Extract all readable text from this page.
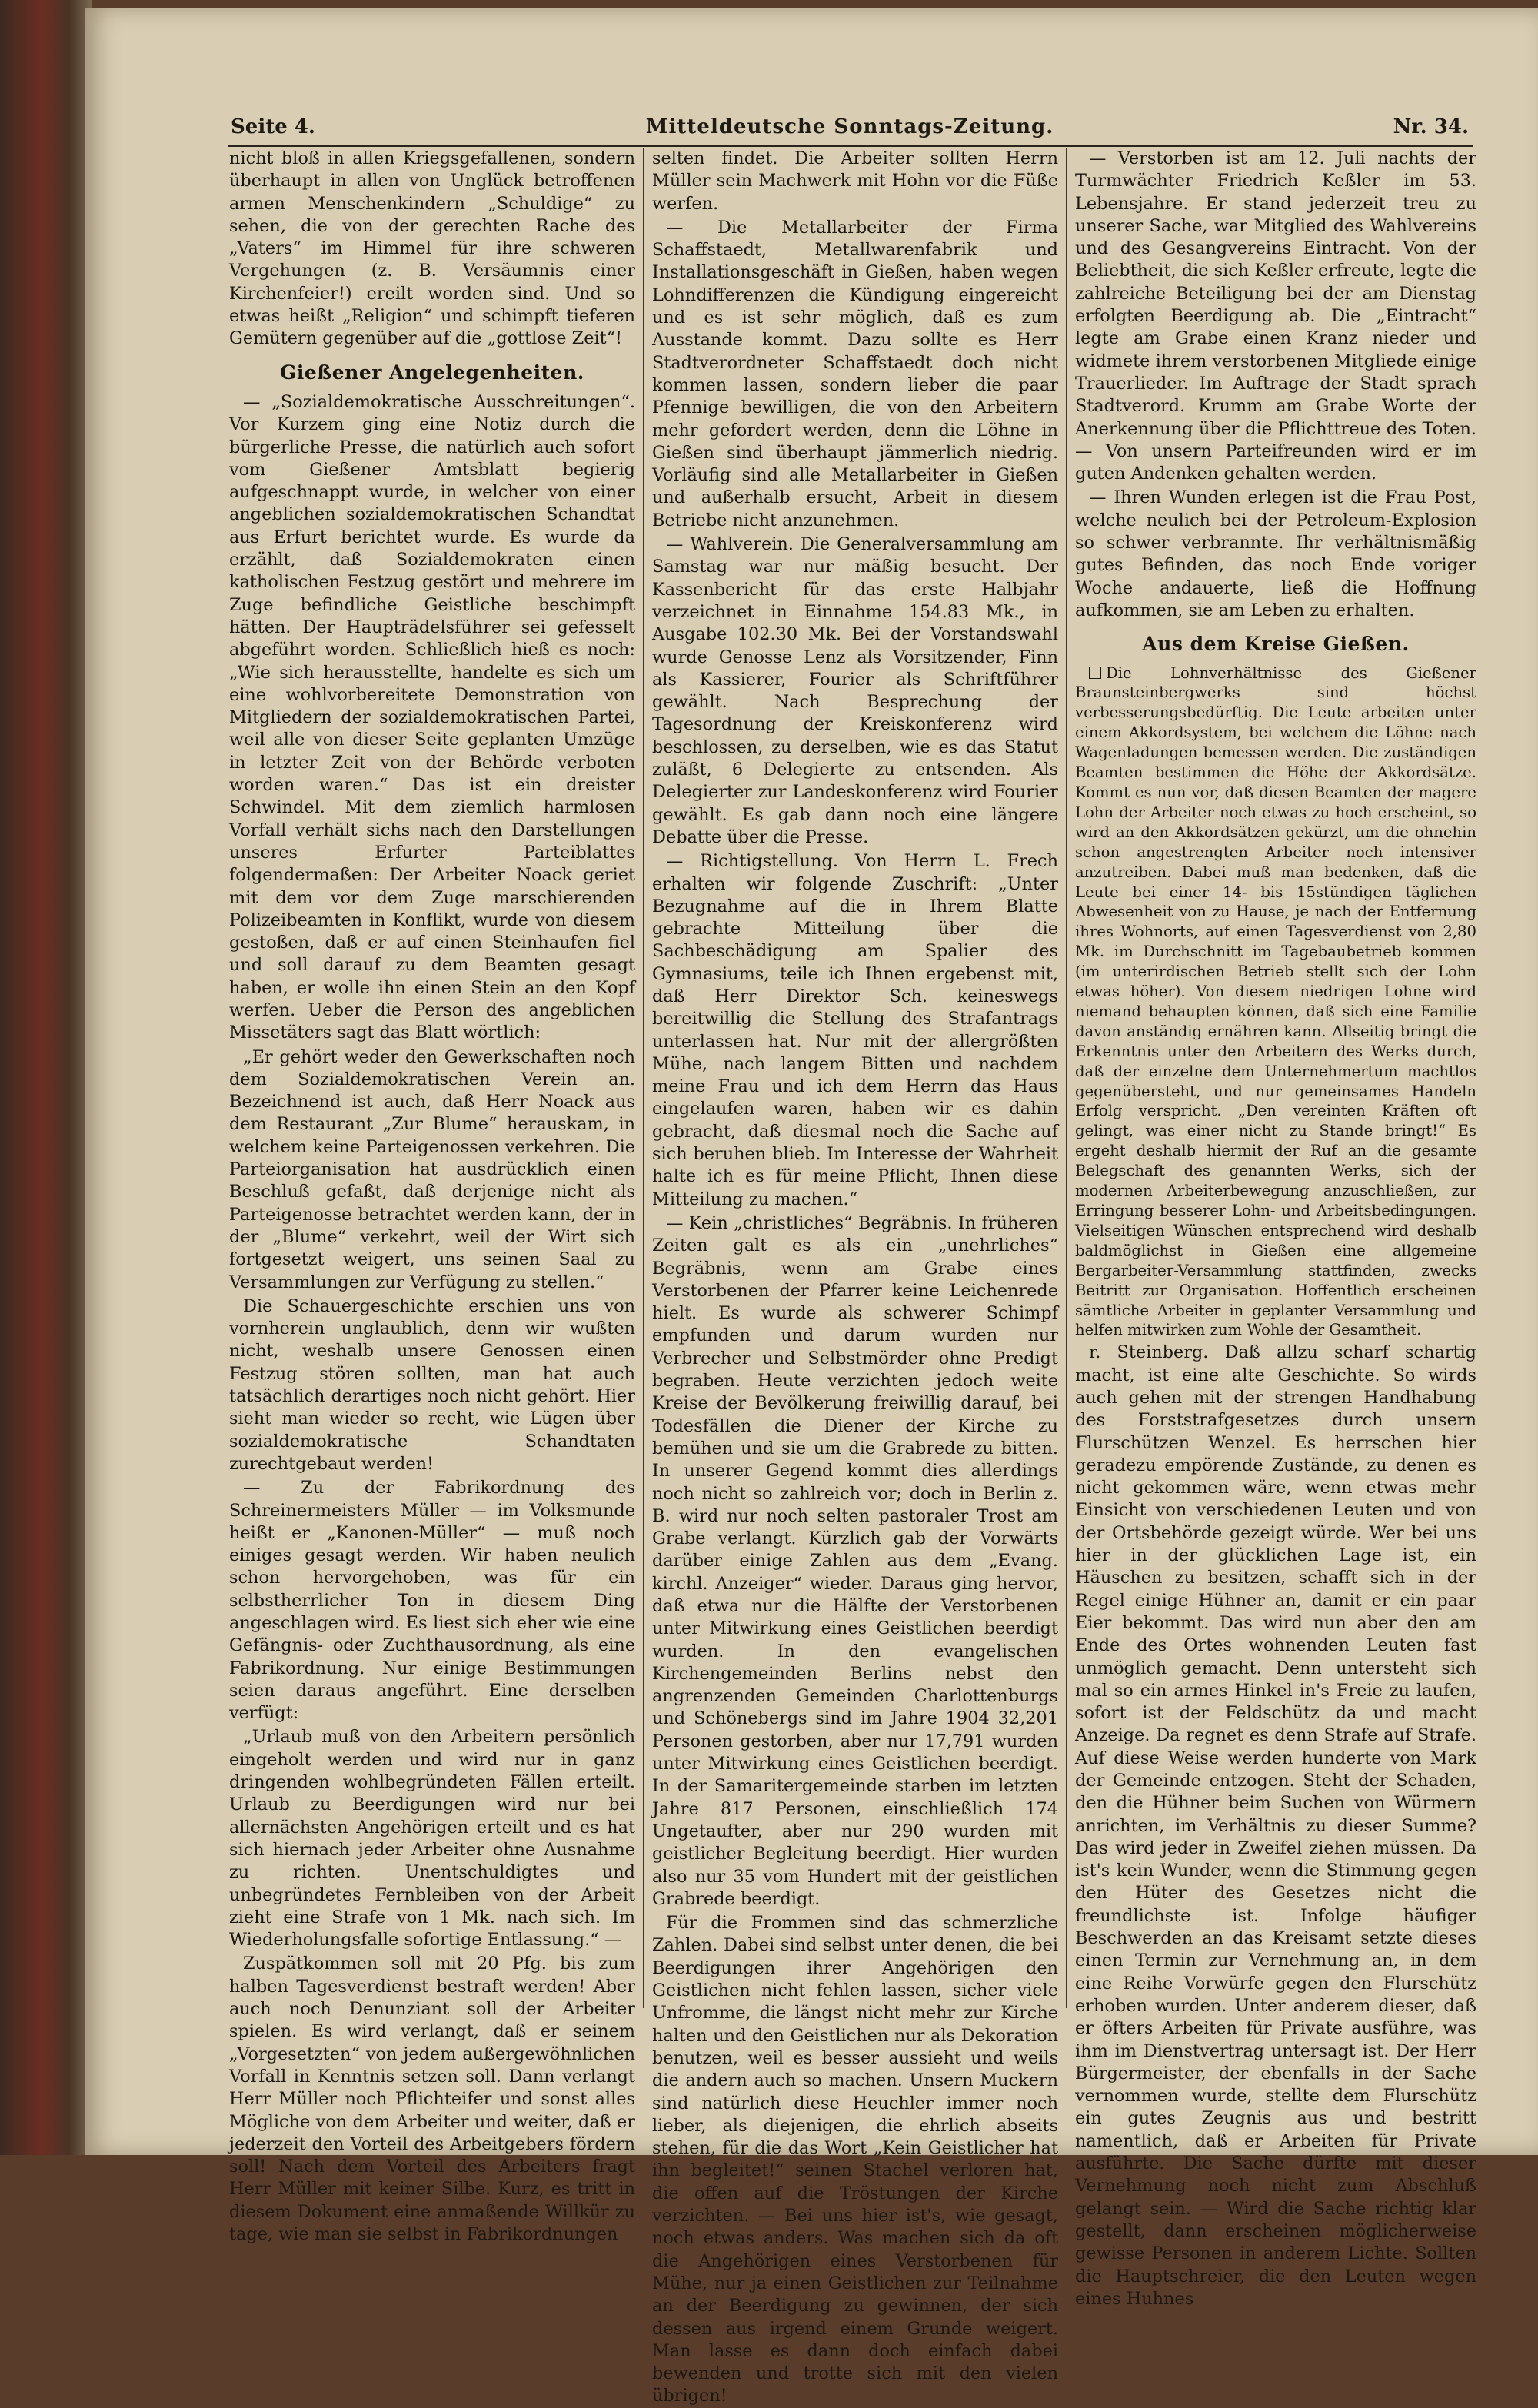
Seite 4.	Mitteldeutsche Sonntags-Zeitung.	Nr. 34.

nicht bloß in allen Kriegsgefallenen, sondern überhaupt in allen von Unglück betroffenen armen Menschenkindern „Schuldige“ zu sehen, die von der gerechten Rache des „Vaters“ im Himmel für ihre schweren Vergehungen (z. B. Versäumnis einer Kirchenfeier!) ereilt worden sind. Und so etwas heißt „Religion“ und schimpft tieferen Gemütern gegenüber auf die „gottlose Zeit“!

Gießener Angelegenheiten.

— „Sozialdemokratische Ausschreitungen“. Vor Kurzem ging eine Notiz durch die bürgerliche Presse, die natürlich auch sofort vom Gießener Amtsblatt begierig aufgeschnappt wurde, in welcher von einer angeblichen sozialdemokratischen Schandtat aus Erfurt berichtet wurde. Es wurde da erzählt, daß Sozialdemokraten einen katholischen Festzug gestört und mehrere im Zuge befindliche Geistliche beschimpft hätten. Der Haupträdelsführer sei gefesselt abgeführt worden. Schließlich hieß es noch: „Wie sich herausstellte, handelte es sich um eine wohlvorbereitete Demonstration von Mitgliedern der sozialdemokratischen Partei, weil alle von dieser Seite geplanten Umzüge in letzter Zeit von der Behörde verboten worden waren.“ Das ist ein dreister Schwindel. Mit dem ziemlich harmlosen Vorfall verhält sichs nach den Darstellungen unseres Erfurter Parteiblattes folgendermaßen: Der Arbeiter Noack geriet mit dem vor dem Zuge marschierenden Polizeibeamten in Konflikt, wurde von diesem gestoßen, daß er auf einen Steinhaufen fiel und soll darauf zu dem Beamten gesagt haben, er wolle ihn einen Stein an den Kopf werfen. Ueber die Person des angeblichen Missetäters sagt das Blatt wörtlich:

„Er gehört weder den Gewerkschaften noch dem Sozialdemokratischen Verein an. Bezeichnend ist auch, daß Herr Noack aus dem Restaurant „Zur Blume“ herauskam, in welchem keine Parteigenossen verkehren. Die Parteiorganisation hat ausdrücklich einen Beschluß gefaßt, daß derjenige nicht als Parteigenosse betrachtet werden kann, der in der „Blume“ verkehrt, weil der Wirt sich fortgesetzt weigert, uns seinen Saal zu Versammlungen zur Verfügung zu stellen.“

Die Schauergeschichte erschien uns von vornherein unglaublich, denn wir wußten nicht, weshalb unsere Genossen einen Festzug stören sollten, man hat auch tatsächlich derartiges noch nicht gehört. Hier sieht man wieder so recht, wie Lügen über sozialdemokratische Schandtaten zurechtgebaut werden!

— Zu der Fabrikordnung des Schreinermeisters Müller — im Volksmunde heißt er „Kanonen-Müller“ — muß noch einiges gesagt werden. Wir haben neulich schon hervorgehoben, was für ein selbstherrlicher Ton in diesem Ding angeschlagen wird. Es liest sich eher wie eine Gefängnis- oder Zuchthausordnung, als eine Fabrikordnung. Nur einige Bestimmungen seien daraus angeführt. Eine derselben verfügt:

„Urlaub muß von den Arbeitern persönlich eingeholt werden und wird nur in ganz dringenden wohlbegründeten Fällen erteilt. Urlaub zu Beerdigungen wird nur bei allernächsten Angehörigen erteilt und es hat sich hiernach jeder Arbeiter ohne Ausnahme zu richten. Unentschuldigtes und unbegründetes Fernbleiben von der Arbeit zieht eine Strafe von 1 Mk. nach sich. Im Wiederholungsfalle sofortige Entlassung.“ —

Zuspätkommen soll mit 20 Pfg. bis zum halben Tagesverdienst bestraft werden! Aber auch noch Denunziant soll der Arbeiter spielen. Es wird verlangt, daß er seinem „Vorgesetzten“ von jedem außergewöhnlichen Vorfall in Kenntnis setzen soll. Dann verlangt Herr Müller noch Pflichteifer und sonst alles Mögliche von dem Arbeiter und weiter, daß er jederzeit den Vorteil des Arbeitgebers fördern soll! Nach dem Vorteil des Arbeiters fragt Herr Müller mit keiner Silbe. Kurz, es tritt in diesem Dokument eine anmaßende Willkür zu tage, wie man sie selbst in Fabrikordnungen

selten findet. Die Arbeiter sollten Herrn Müller sein Machwerk mit Hohn vor die Füße werfen.

— Die Metallarbeiter der Firma Schaffstaedt, Metallwarenfabrik und Installationsgeschäft in Gießen, haben wegen Lohndifferenzen die Kündigung eingereicht und es ist sehr möglich, daß es zum Ausstande kommt. Dazu sollte es Herr Stadtverordneter Schaffstaedt doch nicht kommen lassen, sondern lieber die paar Pfennige bewilligen, die von den Arbeitern mehr gefordert werden, denn die Löhne in Gießen sind überhaupt jämmerlich niedrig. Vorläufig sind alle Metallarbeiter in Gießen und außerhalb ersucht, Arbeit in diesem Betriebe nicht anzunehmen.

— Wahlverein. Die Generalversammlung am Samstag war nur mäßig besucht. Der Kassenbericht für das erste Halbjahr verzeichnet in Einnahme 154.83 Mk., in Ausgabe 102.30 Mk. Bei der Vorstandswahl wurde Genosse Lenz als Vorsitzender, Finn als Kassierer, Fourier als Schriftführer gewählt. Nach Besprechung der Tagesordnung der Kreiskonferenz wird beschlossen, zu derselben, wie es das Statut zuläßt, 6 Delegierte zu entsenden. Als Delegierter zur Landeskonferenz wird Fourier gewählt. Es gab dann noch eine längere Debatte über die Presse.

— Richtigstellung. Von Herrn L. Frech erhalten wir folgende Zuschrift: „Unter Bezugnahme auf die in Ihrem Blatte gebrachte Mitteilung über die Sachbeschädigung am Spalier des Gymnasiums, teile ich Ihnen ergebenst mit, daß Herr Direktor Sch. keineswegs bereitwillig die Stellung des Strafantrags unterlassen hat. Nur mit der allergrößten Mühe, nach langem Bitten und nachdem meine Frau und ich dem Herrn das Haus eingelaufen waren, haben wir es dahin gebracht, daß diesmal noch die Sache auf sich beruhen blieb. Im Interesse der Wahrheit halte ich es für meine Pflicht, Ihnen diese Mitteilung zu machen.“

— Kein „christliches“ Begräbnis. In früheren Zeiten galt es als ein „unehrliches“ Begräbnis, wenn am Grabe eines Verstorbenen der Pfarrer keine Leichenrede hielt. Es wurde als schwerer Schimpf empfunden und darum wurden nur Verbrecher und Selbstmörder ohne Predigt begraben. Heute verzichten jedoch weite Kreise der Bevölkerung freiwillig darauf, bei Todesfällen die Diener der Kirche zu bemühen und sie um die Grabrede zu bitten. In unserer Gegend kommt dies allerdings noch nicht so zahlreich vor; doch in Berlin z. B. wird nur noch selten pastoraler Trost am Grabe verlangt. Kürzlich gab der Vorwärts darüber einige Zahlen aus dem „Evang. kirchl. Anzeiger“ wieder. Daraus ging hervor, daß etwa nur die Hälfte der Verstorbenen unter Mitwirkung eines Geistlichen beerdigt wurden. In den evangelischen Kirchengemeinden Berlins nebst den angrenzenden Gemeinden Charlottenburgs und Schönebergs sind im Jahre 1904 32,201 Personen gestorben, aber nur 17,791 wurden unter Mitwirkung eines Geistlichen beerdigt. In der Samaritergemeinde starben im letzten Jahre 817 Personen, einschließlich 174 Ungetaufter, aber nur 290 wurden mit geistlicher Begleitung beerdigt. Hier wurden also nur 35 vom Hundert mit der geistlichen Grabrede beerdigt.

Für die Frommen sind das schmerzliche Zahlen. Dabei sind selbst unter denen, die bei Beerdigungen ihrer Angehörigen den Geistlichen nicht fehlen lassen, sicher viele Unfromme, die längst nicht mehr zur Kirche halten und den Geistlichen nur als Dekoration benutzen, weil es besser aussieht und weils die andern auch so machen. Unsern Muckern sind natürlich diese Heuchler immer noch lieber, als diejenigen, die ehrlich abseits stehen, für die das Wort „Kein Geistlicher hat ihn begleitet!“ seinen Stachel verloren hat, die offen auf die Tröstungen der Kirche verzichten. — Bei uns hier ist's, wie gesagt, noch etwas anders. Was machen sich da oft die Angehörigen eines Verstorbenen für Mühe, nur ja einen Geistlichen zur Teilnahme an der Beerdigung zu gewinnen, der sich dessen aus irgend einem Grunde weigert. Man lasse es dann doch einfach dabei bewenden und trotte sich mit den vielen übrigen!

— Verstorben ist am 12. Juli nachts der Turmwächter Friedrich Keßler im 53. Lebensjahre. Er stand jederzeit treu zu unserer Sache, war Mitglied des Wahlvereins und des Gesangvereins Eintracht. Von der Beliebtheit, die sich Keßler erfreute, legte die zahlreiche Beteiligung bei der am Dienstag erfolgten Beerdigung ab. Die „Eintracht“ legte am Grabe einen Kranz nieder und widmete ihrem verstorbenen Mitgliede einige Trauerlieder. Im Auftrage der Stadt sprach Stadtverord. Krumm am Grabe Worte der Anerkennung über die Pflichttreue des Toten. — Von unsern Parteifreunden wird er im guten Andenken gehalten werden.

— Ihren Wunden erlegen ist die Frau Post, welche neulich bei der Petroleum-Explosion so schwer verbrannte. Ihr verhältnismäßig gutes Befinden, das noch Ende voriger Woche andauerte, ließ die Hoffnung aufkommen, sie am Leben zu erhalten.

Aus dem Kreise Gießen.

Die Lohnverhältnisse des Gießener Braunsteinbergwerks sind höchst verbesserungsbedürftig. Die Leute arbeiten unter einem Akkordsystem, bei welchem die Löhne nach Wagenladungen bemessen werden. Die zuständigen Beamten bestimmen die Höhe der Akkordsätze. Kommt es nun vor, daß diesen Beamten der magere Lohn der Arbeiter noch etwas zu hoch erscheint, so wird an den Akkordsätzen gekürzt, um die ohnehin schon angestrengten Arbeiter noch intensiver anzutreiben. Dabei muß man bedenken, daß die Leute bei einer 14- bis 15stündigen täglichen Abwesenheit von zu Hause, je nach der Entfernung ihres Wohnorts, auf einen Tagesverdienst von 2,80 Mk. im Durchschnitt im Tagebaubetrieb kommen (im unterirdischen Betrieb stellt sich der Lohn etwas höher). Von diesem niedrigen Lohne wird niemand behaupten können, daß sich eine Familie davon anständig ernähren kann. Allseitig bringt die Erkenntnis unter den Arbeitern des Werks durch, daß der einzelne dem Unternehmertum machtlos gegenübersteht, und nur gemeinsames Handeln Erfolg verspricht. „Den vereinten Kräften oft gelingt, was einer nicht zu Stande bringt!“ Es ergeht deshalb hiermit der Ruf an die gesamte Belegschaft des genannten Werks, sich der modernen Arbeiterbewegung anzuschließen, zur Erringung besserer Lohn- und Arbeitsbedingungen. Vielseitigen Wünschen entsprechend wird deshalb baldmöglichst in Gießen eine allgemeine Bergarbeiter-Versammlung stattfinden, zwecks Beitritt zur Organisation. Hoffentlich erscheinen sämtliche Arbeiter in geplanter Versammlung und helfen mitwirken zum Wohle der Gesamtheit.

r. Steinberg. Daß allzu scharf schartig macht, ist eine alte Geschichte. So wirds auch gehen mit der strengen Handhabung des Forststrafgesetzes durch unsern Flurschützen Wenzel. Es herrschen hier geradezu empörende Zustände, zu denen es nicht gekommen wäre, wenn etwas mehr Einsicht von verschiedenen Leuten und von der Ortsbehörde gezeigt würde. Wer bei uns hier in der glücklichen Lage ist, ein Häuschen zu besitzen, schafft sich in der Regel einige Hühner an, damit er ein paar Eier bekommt. Das wird nun aber den am Ende des Ortes wohnenden Leuten fast unmöglich gemacht. Denn untersteht sich mal so ein armes Hinkel in's Freie zu laufen, sofort ist der Feldschütz da und macht Anzeige. Da regnet es denn Strafe auf Strafe. Auf diese Weise werden hunderte von Mark der Gemeinde entzogen. Steht der Schaden, den die Hühner beim Suchen von Würmern anrichten, im Verhältnis zu dieser Summe? Das wird jeder in Zweifel ziehen müssen. Da ist's kein Wunder, wenn die Stimmung gegen den Hüter des Gesetzes nicht die freundlichste ist. Infolge häufiger Beschwerden an das Kreisamt setzte dieses einen Termin zur Vernehmung an, in dem eine Reihe Vorwürfe gegen den Flurschütz erhoben wurden. Unter anderem dieser, daß er öfters Arbeiten für Private ausführe, was ihm im Dienstvertrag untersagt ist. Der Herr Bürgermeister, der ebenfalls in der Sache vernommen wurde, stellte dem Flurschütz ein gutes Zeugnis aus und bestritt namentlich, daß er Arbeiten für Private ausführte. Die Sache dürfte mit dieser Vernehmung noch nicht zum Abschluß gelangt sein. — Wird die Sache richtig klar gestellt, dann erscheinen möglicherweise gewisse Personen in anderem Lichte. Sollten die Hauptschreier, die den Leuten wegen eines Huhnes
